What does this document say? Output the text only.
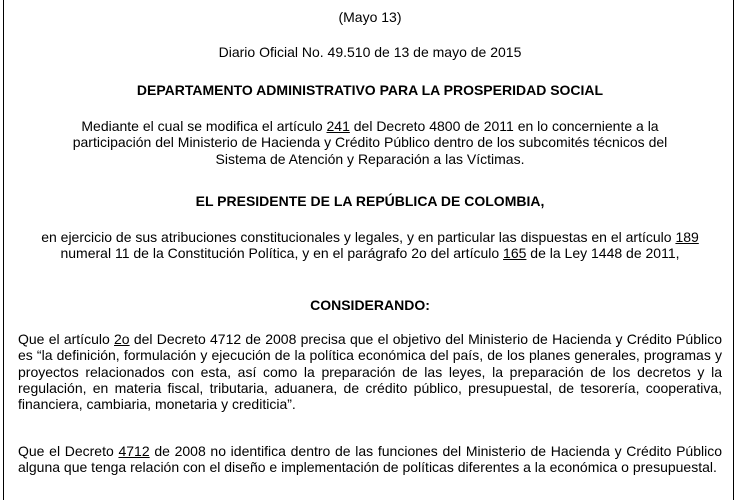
(Mayo 13)
Diario Oficial No. 49.510 de 13 de mayo de 2015
DEPARTAMENTO ADMINISTRATIVO PARA LA PROSPERIDAD SOCIAL
Mediante el cual se modifica el artículo 241 del Decreto 4800 de 2011 en lo concerniente a la participación del Ministerio de Hacienda y Crédito Público dentro de los subcomités técnicos del Sistema de Atención y Reparación a las Víctimas.
EL PRESIDENTE DE LA REPÚBLICA DE COLOMBIA,
en ejercicio de sus atribuciones constitucionales y legales, y en particular las dispuestas en el artículo 189 numeral 11 de la Constitución Política, y en el parágrafo 2o del artículo 165 de la Ley 1448 de 2011,
CONSIDERANDO:
Que el artículo 2o del Decreto 4712 de 2008 precisa que el objetivo del Ministerio de Hacienda y Crédito Público es “la definición, formulación y ejecución de la política económica del país, de los planes generales, programas y proyectos relacionados con esta, así como la preparación de las leyes, la preparación de los decretos y la regulación, en materia fiscal, tributaria, aduanera, de crédito público, presupuestal, de tesorería, cooperativa, financiera, cambiaria, monetaria y crediticia”.
Que el Decreto 4712 de 2008 no identifica dentro de las funciones del Ministerio de Hacienda y Crédito Público alguna que tenga relación con el diseño e implementación de políticas diferentes a la económica o presupuestal.
